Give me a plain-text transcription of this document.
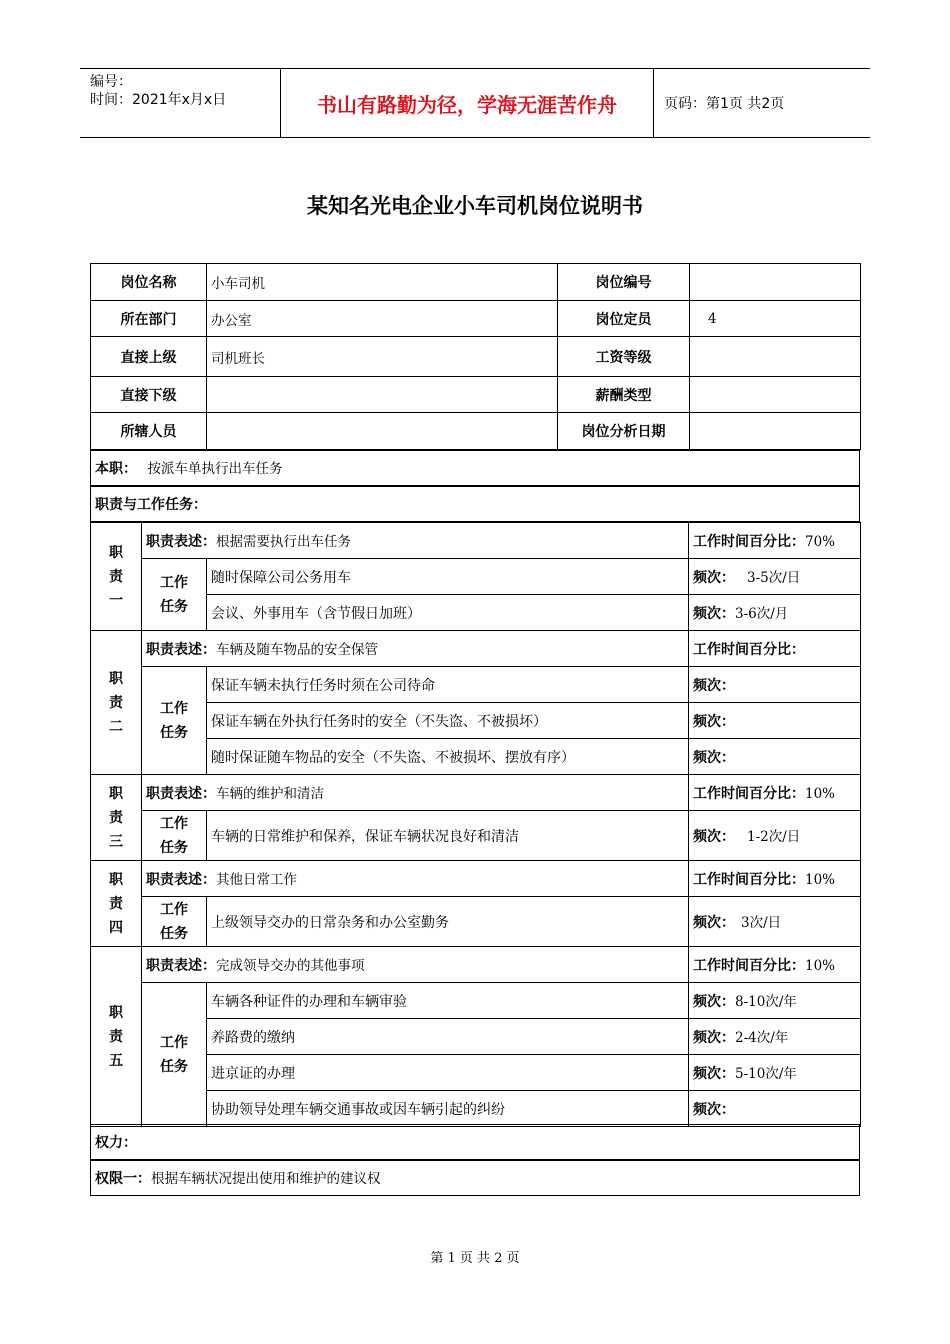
编号：
时间：2021年x月x日	书山有路勤为径，学海无涯苦作舟	页码：第1页 共2页
某知名光电企业小车司机岗位说明书
岗位名称	小车司机	岗位编号	
所在部门	办公室	岗位定员	4
直接上级	司机班长	工资等级	
直接下级		薪酬类型	
所辖人员		岗位分析日期	
本职： 按派车单执行出车任务
职责与工作任务：
职
责
一	职责表述：根据需要执行出车任务		工作时间百分比：70%

	工作
任务	随时保障公司公务用车	频次： 3-5次/日
		会议、外事用车（含节假日加班）	频次：3-6次/月

职
责
二	职责表述：车辆及随车物品的安全保管		工作时间百分比：

	工作
任务	保证车辆未执行任务时须在公司待命	频次：
		保证车辆在外执行任务时的安全（不失盗、不被损坏）	频次：
		随时保证随车物品的安全（不失盗、不被损坏、摆放有序）	频次：

职
责
三	职责表述：车辆的维护和清洁		工作时间百分比：10%

	工作
任务	车辆的日常维护和保养，保证车辆状况良好和清洁	频次： 1-2次/日

职
责
四	职责表述：其他日常工作		工作时间百分比：10%

	工作
任务	上级领导交办的日常杂务和办公室勤务	频次： 3次/日

职
责
五	职责表述：完成领导交办的其他事项		工作时间百分比：10%

	工作
任务	车辆各种证件的办理和车辆审验	频次：8-10次/年
		养路费的缴纳	频次：2-4次/年
		进京证的办理	频次：5-10次/年
		协助领导处理车辆交通事故或因车辆引起的纠纷	频次：
权力：
权限一：根据车辆状况提出使用和维护的建议权
第 1 页 共 2 页
